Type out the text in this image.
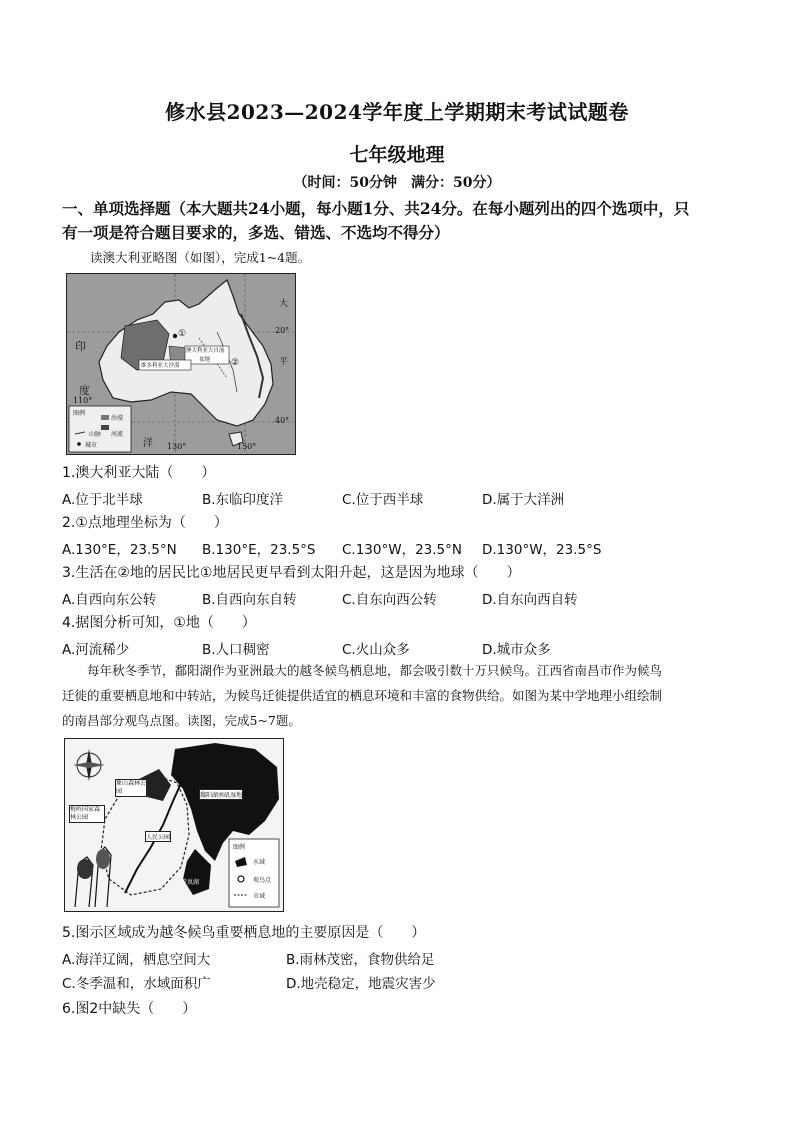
修水县2023—2024学年度上学期期末考试试题卷
七年级地理
（时间：50分钟　满分：50分）
一、单项选择题（本大题共24小题，每小题1分、共24分。在每小题列出的四个选项中，只
有一项是符合题目要求的，多选、错选、不选均不得分）
读澳大利亚略图（如图），完成1~4题。
大
20°
印
平
度
110°
洋 130°	150°
40°
①
②
澳大利亚大自流
盆地
维多利亚大沙漠
图例
沙漠
山脉 河流
城市
1.澳大利亚大陆（　　）
A.位于北半球	B.东临印度洋	C.位于西半球	D.属于大洋洲
2.①点地理坐标为（　　）
A.130°E，23.5°N	B.130°E，23.5°S	C.130°W，23.5°N	D.130°W，23.5°S
3.生活在②地的居民比①地居民更早看到太阳升起，这是因为地球（　　）
A.自西向东公转	B.自西向东自转	C.自东向西公转	D.自东向西自转
4.据图分析可知，①地（　　）
A.河流稀少	B.人口稠密	C.火山众多	D.城市众多
每年秋冬季节，鄱阳湖作为亚洲最大的越冬候鸟栖息地，都会吸引数十万只候鸟。江西省南昌市作为候鸟
迁徙的重要栖息地和中转站，为候鸟迁徙提供适宜的栖息环境和丰富的食物供给。如图为某中学地理小组绘制
的南昌部分观鸟点图。读图，完成5~7题。
象山森林公园
梅岭国家森林公园
鄱阳湖南矶湿地
人民公园
青岚湖
图例
水域
观鸟点
市域
5.图示区域成为越冬候鸟重要栖息地的主要原因是（　　）
A.海洋辽阔，栖息空间大	B.雨林茂密，食物供给足
C.冬季温和，水域面积广	D.地壳稳定，地震灾害少
6.图2中缺失（　　）
